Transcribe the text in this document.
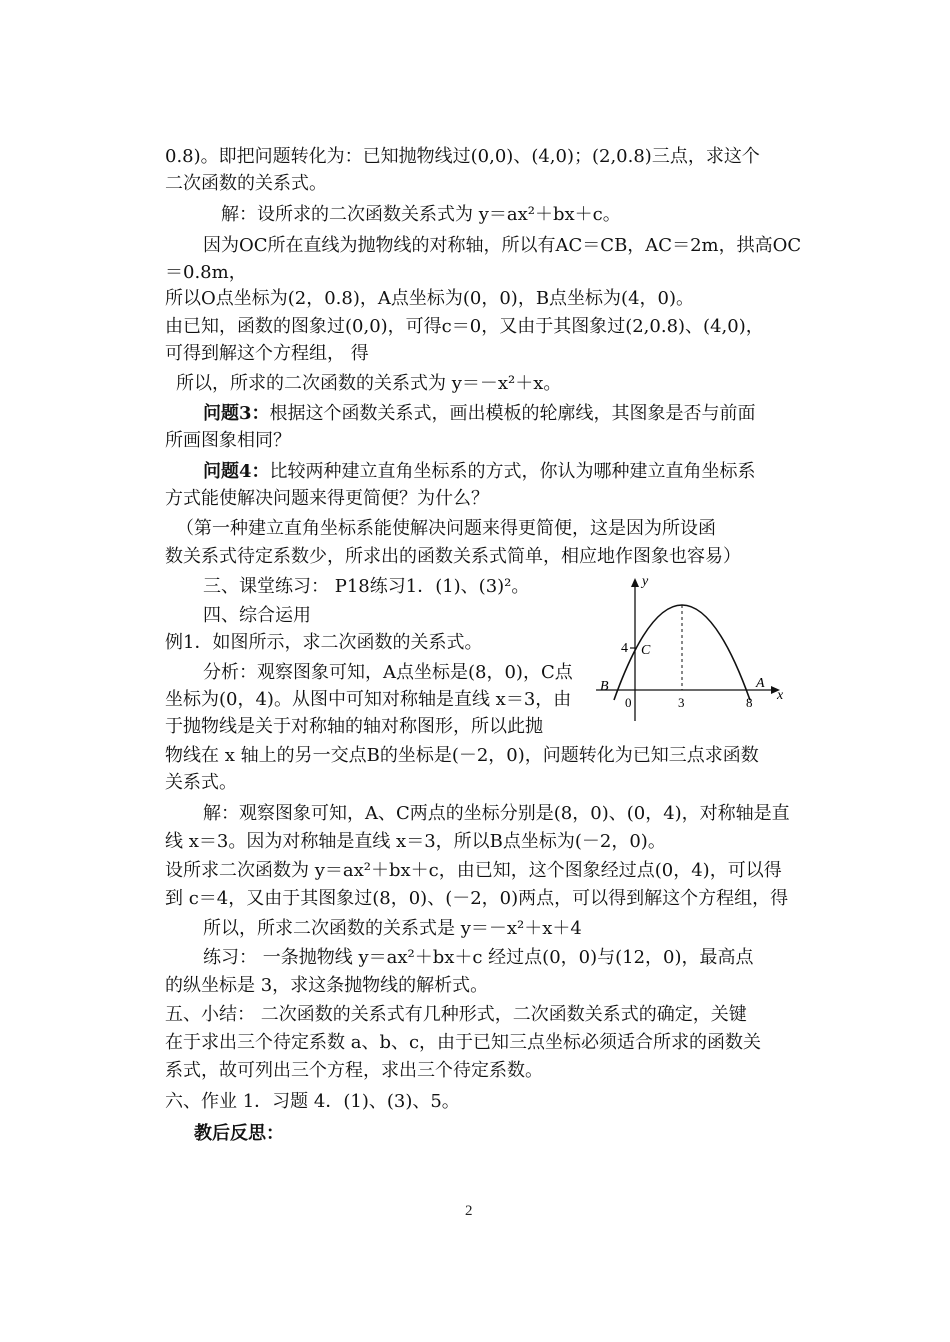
0.8)。即把问题转化为：已知抛物线过(0,0)、(4,0)；(2,0.8)三点，求这个
二次函数的关系式。
解：设所求的二次函数关系式为 y＝ax²＋bx＋c。
因为OC所在直线为抛物线的对称轴，所以有AC＝CB，AC＝2m，拱高OC
＝0.8m，
所以O点坐标为(2，0.8)，A点坐标为(0，0)，B点坐标为(4，0)。
由已知，函数的图象过(0,0)，可得c＝0，又由于其图象过(2,0.8)、(4,0)，
可得到解这个方程组， 得
所以，所求的二次函数的关系式为 y＝－x²＋x。
问题3：根据这个函数关系式，画出模板的轮廓线，其图象是否与前面
所画图象相同？
问题4：比较两种建立直角坐标系的方式，你认为哪种建立直角坐标系
方式能使解决问题来得更简便？为什么？
（第一种建立直角坐标系能使解决问题来得更简便，这是因为所设函
数关系式待定系数少，所求出的函数关系式简单，相应地作图象也容易）
三、课堂练习： P18练习1．(1)、(3)²。
四、综合运用
例1．如图所示，求二次函数的关系式。
分析：观察图象可知，A点坐标是(8，0)，C点
坐标为(0，4)。从图中可知对称轴是直线 x＝3，由
于抛物线是关于对称轴的轴对称图形，所以此抛
物线在 x 轴上的另一交点B的坐标是(－2，0)，问题转化为已知三点求函数
关系式。
解：观察图象可知，A、C两点的坐标分别是(8，0)、(0，4)，对称轴是直
线 x＝3。因为对称轴是直线 x＝3，所以B点坐标为(－2，0)。
设所求二次函数为 y＝ax²＋bx＋c，由已知，这个图象经过点(0，4)，可以得
到 c＝4，又由于其图象过(8，0)、(－2，0)两点，可以得到解这个方程组，得
所以，所求二次函数的关系式是 y＝－x²＋x＋4
练习： 一条抛物线 y＝ax²＋bx＋c 经过点(0，0)与(12，0)，最高点
的纵坐标是 3，求这条抛物线的解析式。
五、小结： 二次函数的关系式有几种形式，二次函数关系式的确定，关键
在于求出三个待定系数 a、b、c，由于已知三点坐标必须适合所求的函数关
系式，故可列出三个方程，求出三个待定系数。
六、作业 1．习题 4．(1)、(3)、5。
教后反思：
A
B
C
4
0	3	8 x
y
2
